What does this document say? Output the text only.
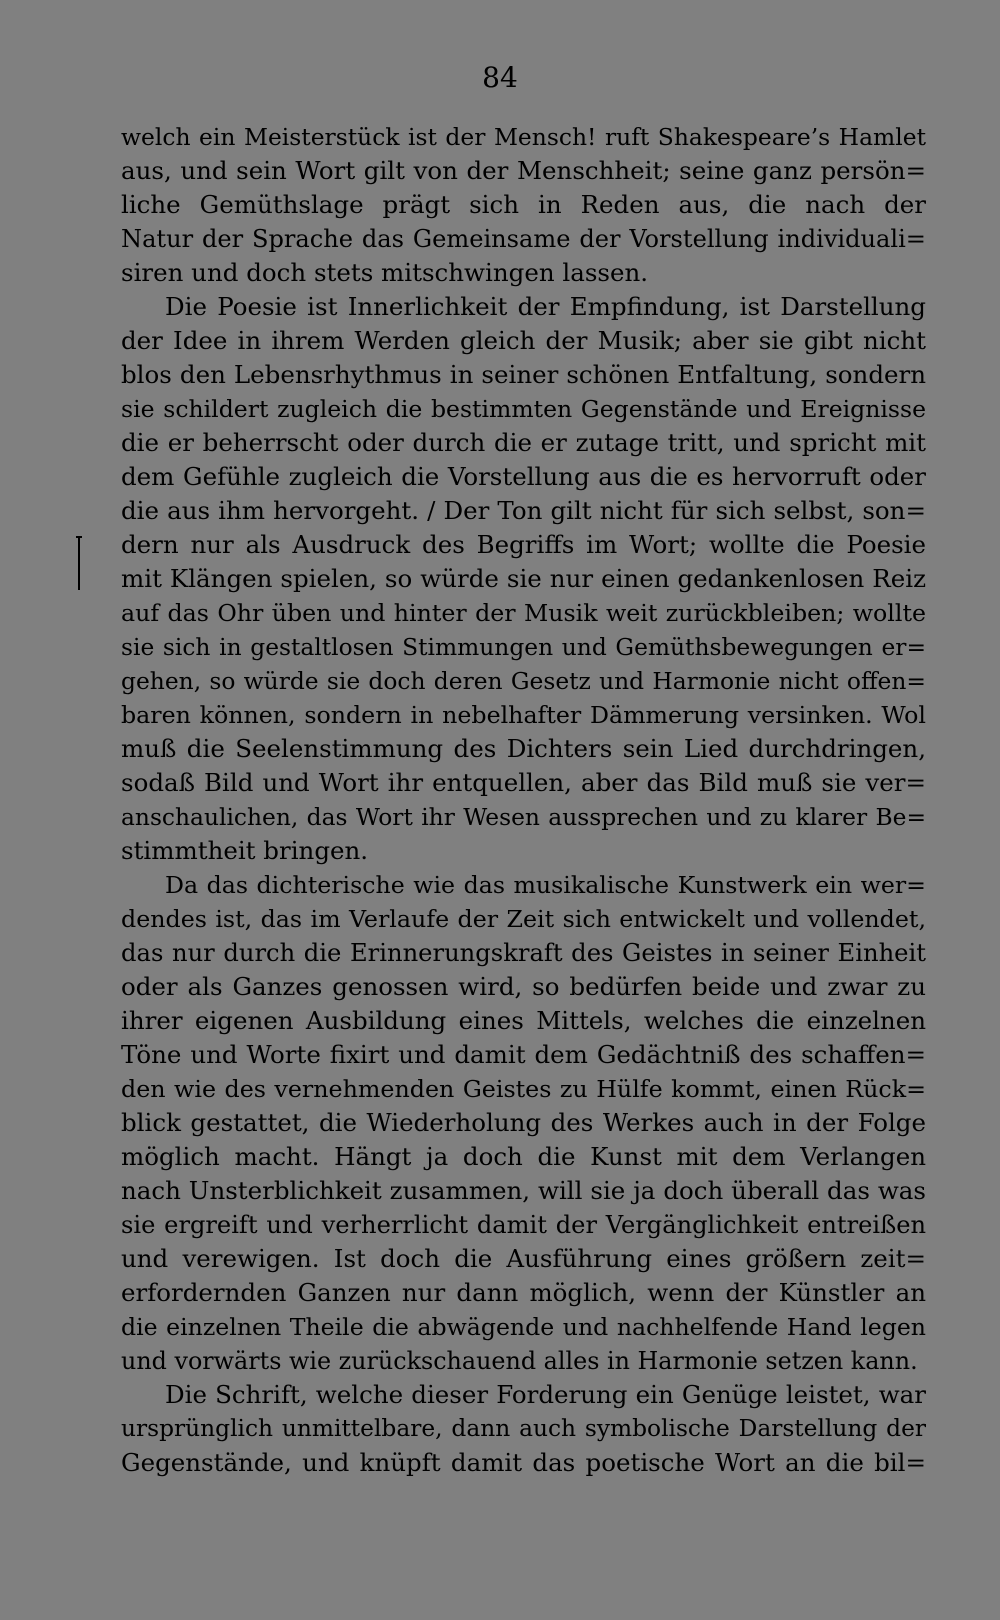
84
welch ein Meisterstück ist der Mensch! ruft Shakespeare’s Hamlet
aus, und sein Wort gilt von der Menschheit; seine ganz persön=
liche Gemüthslage prägt sich in Reden aus, die nach der
Natur der Sprache das Gemeinsame der Vorstellung individuali=
siren und doch stets mitschwingen lassen.
Die Poesie ist Innerlichkeit der Empfindung, ist Darstellung
der Idee in ihrem Werden gleich der Musik; aber sie gibt nicht
blos den Lebensrhythmus in seiner schönen Entfaltung, sondern
sie schildert zugleich die bestimmten Gegenstände und Ereignisse
die er beherrscht oder durch die er zutage tritt, und spricht mit
dem Gefühle zugleich die Vorstellung aus die es hervorruft oder
die aus ihm hervorgeht. / Der Ton gilt nicht für sich selbst, son=
dern nur als Ausdruck des Begriffs im Wort; wollte die Poesie
mit Klängen spielen, so würde sie nur einen gedankenlosen Reiz
auf das Ohr üben und hinter der Musik weit zurückbleiben; wollte
sie sich in gestaltlosen Stimmungen und Gemüthsbewegungen er=
gehen, so würde sie doch deren Gesetz und Harmonie nicht offen=
baren können, sondern in nebelhafter Dämmerung versinken. Wol
muß die Seelenstimmung des Dichters sein Lied durchdringen,
sodaß Bild und Wort ihr entquellen, aber das Bild muß sie ver=
anschaulichen, das Wort ihr Wesen aussprechen und zu klarer Be=
stimmtheit bringen.
Da das dichterische wie das musikalische Kunstwerk ein wer=
dendes ist, das im Verlaufe der Zeit sich entwickelt und vollendet,
das nur durch die Erinnerungskraft des Geistes in seiner Einheit
oder als Ganzes genossen wird, so bedürfen beide und zwar zu
ihrer eigenen Ausbildung eines Mittels, welches die einzelnen
Töne und Worte fixirt und damit dem Gedächtniß des schaffen=
den wie des vernehmenden Geistes zu Hülfe kommt, einen Rück=
blick gestattet, die Wiederholung des Werkes auch in der Folge
möglich macht. Hängt ja doch die Kunst mit dem Verlangen
nach Unsterblichkeit zusammen, will sie ja doch überall das was
sie ergreift und verherrlicht damit der Vergänglichkeit entreißen
und verewigen. Ist doch die Ausführung eines größern zeit=
erfordernden Ganzen nur dann möglich, wenn der Künstler an
die einzelnen Theile die abwägende und nachhelfende Hand legen
und vorwärts wie zurückschauend alles in Harmonie setzen kann.
Die Schrift, welche dieser Forderung ein Genüge leistet, war
ursprünglich unmittelbare, dann auch symbolische Darstellung der
Gegenstände, und knüpft damit das poetische Wort an die bil=
